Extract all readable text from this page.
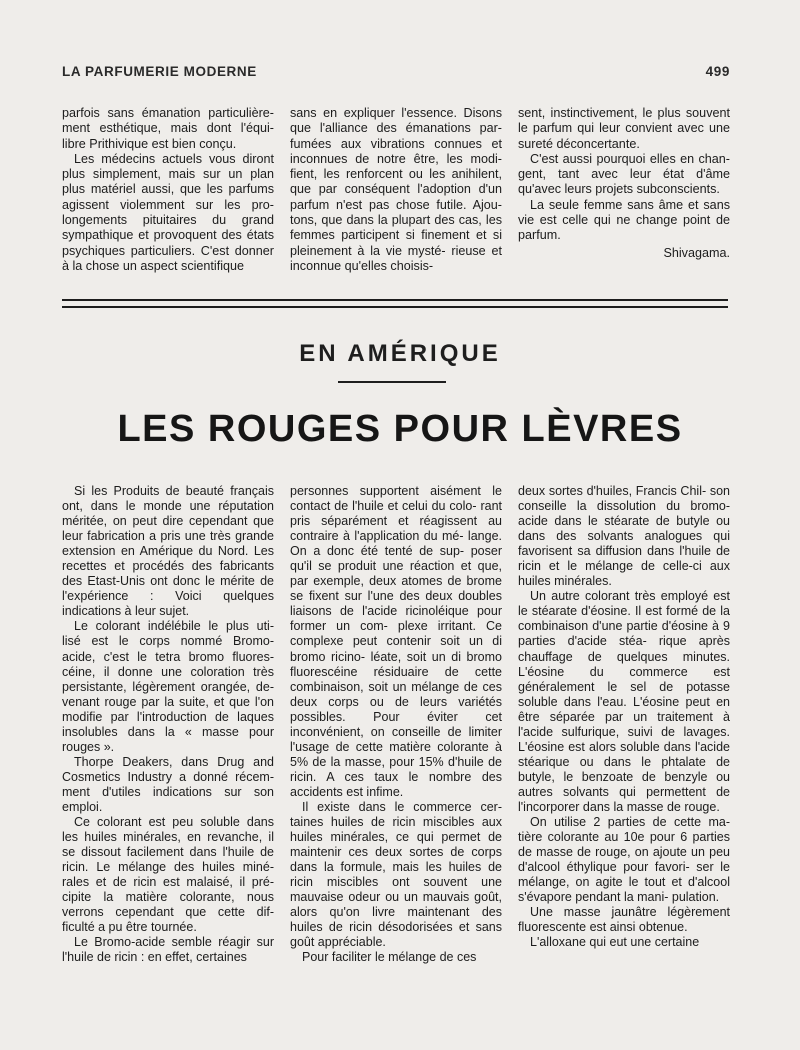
LA PARFUMERIE MODERNE	499

parfois sans émanation particulière- ment esthétique, mais dont l'équi- libre Prithivique est bien conçu.

Les médecins actuels vous diront plus simplement, mais sur un plan plus matériel aussi, que les parfums agissent violemment sur les pro- longements pituitaires du grand sympathique et provoquent des états psychiques particuliers. C'est donner à la chose un aspect scientifique

sans en expliquer l'essence. Disons que l'alliance des émanations par- fumées aux vibrations connues et inconnues de notre être, les modi- fient, les renforcent ou les anihilent, que par conséquent l'adoption d'un parfum n'est pas chose futile. Ajou- tons, que dans la plupart des cas, les femmes participent si finement et si pleinement à la vie mysté- rieuse et inconnue qu'elles choisis-

sent, instinctivement, le plus souvent le parfum qui leur convient avec une sureté déconcertante.

C'est aussi pourquoi elles en chan- gent, tant avec leur état d'âme qu'avec leurs projets subconscients.

La seule femme sans âme et sans vie est celle qui ne change point de parfum.

Shivagama.
EN AMÉRIQUE
LES ROUGES POUR LÈVRES

Si les Produits de beauté français ont, dans le monde une réputation méritée, on peut dire cependant que leur fabrication a pris une très grande extension en Amérique du Nord. Les recettes et procédés des fabricants des Etast-Unis ont donc le mérite de l'expérience : Voici quelques indications à leur sujet.

Le colorant indélébile le plus uti- lisé est le corps nommé Bromo- acide, c'est le tetra bromo fluores- céine, il donne une coloration très persistante, légèrement orangée, de- venant rouge par la suite, et que l'on modifie par l'introduction de laques insolubles dans la « masse pour rouges ».

Thorpe Deakers, dans Drug and Cosmetics Industry a donné récem- ment d'utiles indications sur son emploi.

Ce colorant est peu soluble dans les huiles minérales, en revanche, il se dissout facilement dans l'huile de ricin. Le mélange des huiles miné- rales et de ricin est malaisé, il pré- cipite la matière colorante, nous verrons cependant que cette dif- ficulté a pu être tournée.

Le Bromo-acide semble réagir sur l'huile de ricin : en effet, certaines

personnes supportent aisément le contact de l'huile et celui du colo- rant pris séparément et réagissent au contraire à l'application du mé- lange. On a donc été tenté de sup- poser qu'il se produit une réaction et que, par exemple, deux atomes de brome se fixent sur l'une des deux doubles liaisons de l'acide ricinoléique pour former un com- plexe irritant. Ce complexe peut contenir soit un di bromo ricino- léate, soit un di bromo fluorescéine résiduaire de cette combinaison, soit un mélange de ces deux corps ou de leurs variétés possibles. Pour éviter cet inconvénient, on conseille de limiter l'usage de cette matière colorante à 5% de la masse, pour 15% d'huile de ricin. A ces taux le nombre des accidents est infime.

Il existe dans le commerce cer- taines huiles de ricin miscibles aux huiles minérales, ce qui permet de maintenir ces deux sortes de corps dans la formule, mais les huiles de ricin miscibles ont souvent une mauvaise odeur ou un mauvais goût, alors qu'on livre maintenant des huiles de ricin désodorisées et sans goût appréciable.

Pour faciliter le mélange de ces

deux sortes d'huiles, Francis Chil- son conseille la dissolution du bromo- acide dans le stéarate de butyle ou dans des solvants analogues qui favorisent sa diffusion dans l'huile de ricin et le mélange de celle-ci aux huiles minérales.

Un autre colorant très employé est le stéarate d'éosine. Il est formé de la combinaison d'une partie d'éosine à 9 parties d'acide stéa- rique après chauffage de quelques minutes. L'éosine du commerce est généralement le sel de potasse soluble dans l'eau. L'éosine peut en être séparée par un traitement à l'acide sulfurique, suivi de lavages. L'éosine est alors soluble dans l'acide stéarique ou dans le phtalate de butyle, le benzoate de benzyle ou autres solvants qui permettent de l'incorporer dans la masse de rouge.

On utilise 2 parties de cette ma- tière colorante au 10e pour 6 parties de masse de rouge, on ajoute un peu d'alcool éthylique pour favori- ser le mélange, on agite le tout et d'alcool s'évapore pendant la mani- pulation.

Une masse jaunâtre légèrement fluorescente est ainsi obtenue.

L'alloxane qui eut une certaine
